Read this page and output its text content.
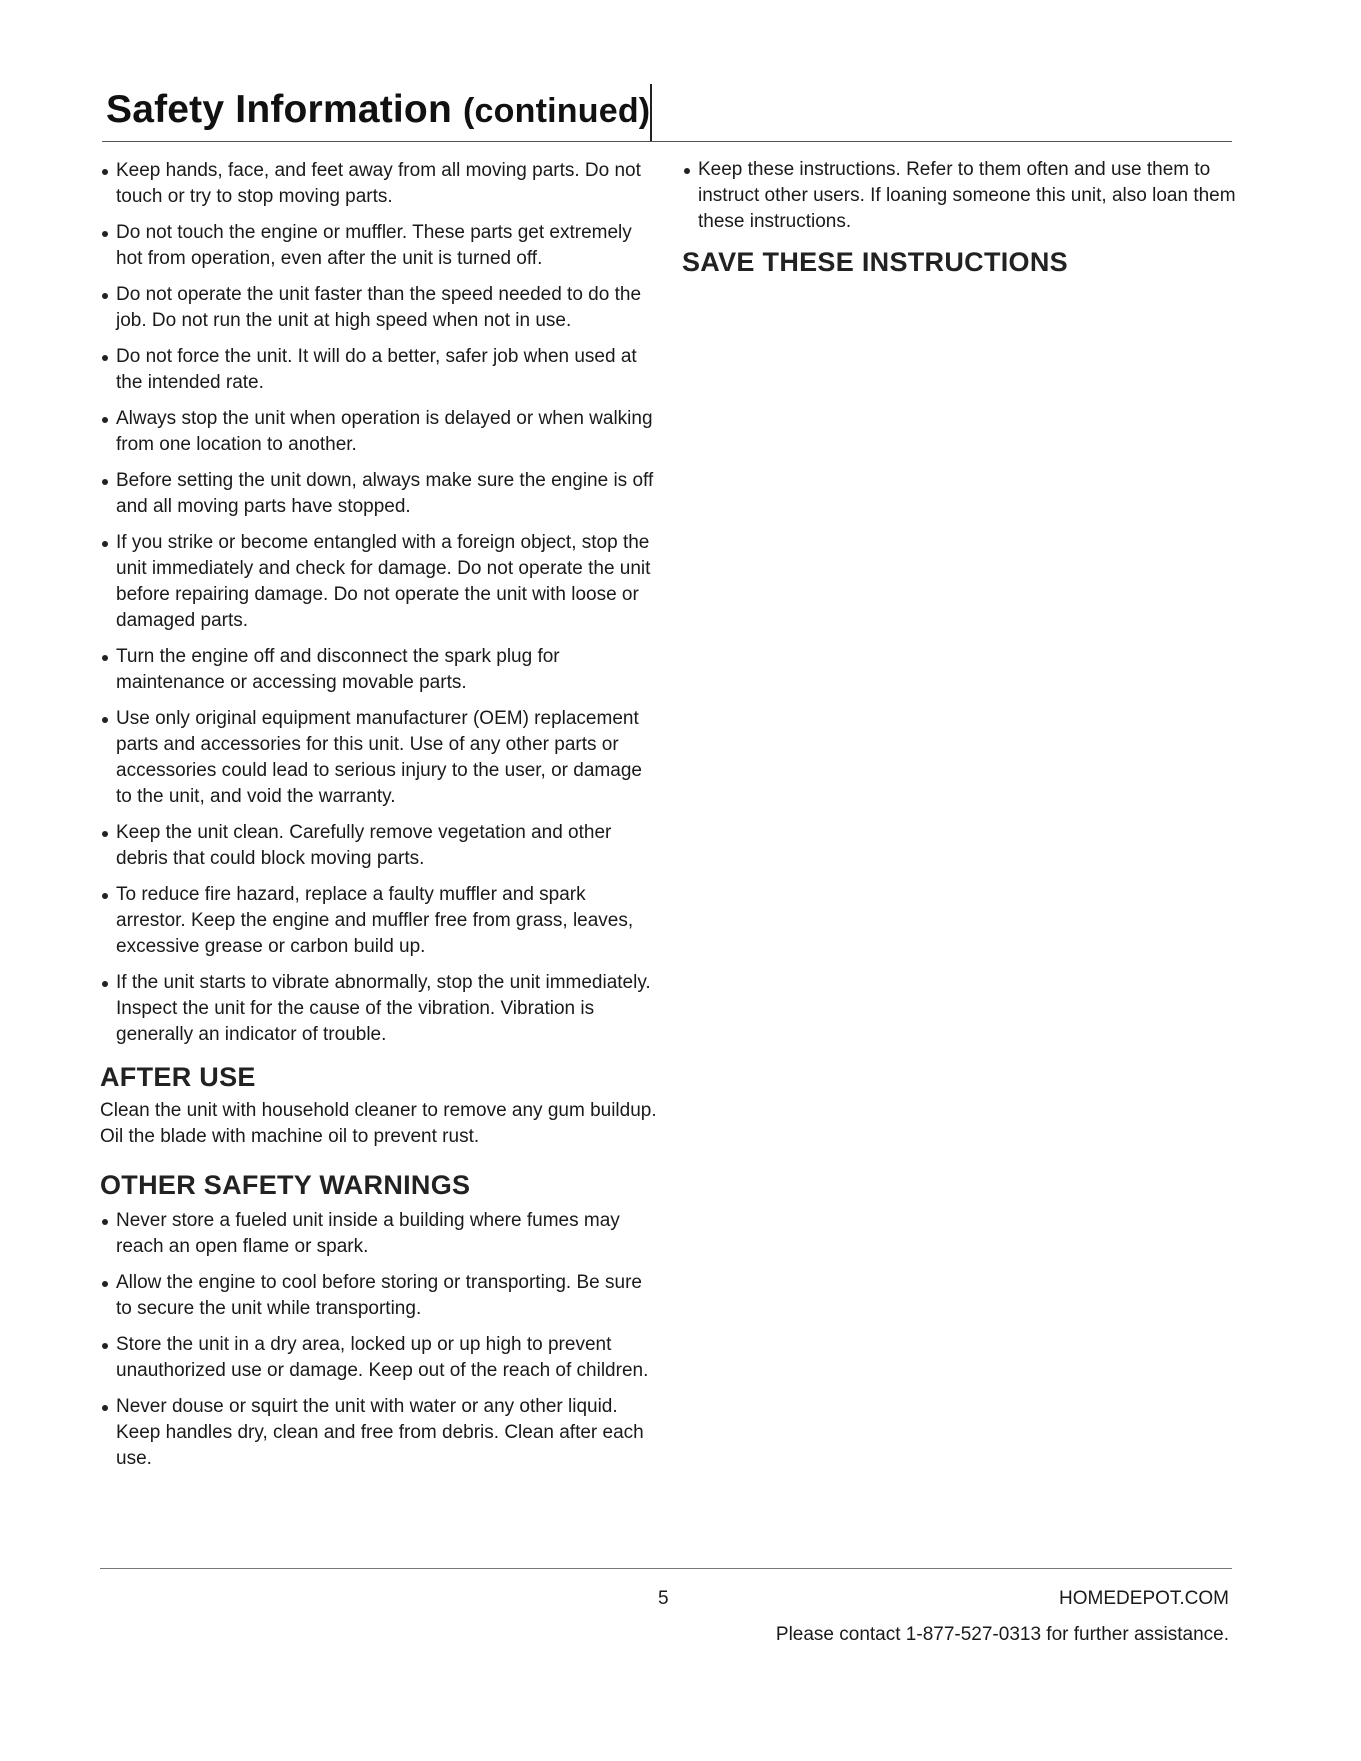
Safety Information (continued)
Keep hands, face, and feet away from all moving parts. Do not touch or try to stop moving parts.
Do not touch the engine or muffler. These parts get extremely hot from operation, even after the unit is turned off.
Do not operate the unit faster than the speed needed to do the job. Do not run the unit at high speed when not in use.
Do not force the unit. It will do a better, safer job when used at the intended rate.
Always stop the unit when operation is delayed or when walking from one location to another.
Before setting the unit down, always make sure the engine is off and all moving parts have stopped.
If you strike or become entangled with a foreign object, stop the unit immediately and check for damage. Do not operate the unit before repairing damage. Do not operate the unit with loose or damaged parts.
Turn the engine off and disconnect the spark plug for maintenance or accessing movable parts.
Use only original equipment manufacturer (OEM) replacement parts and accessories for this unit. Use of any other parts or accessories could lead to serious injury to the user, or damage to the unit, and void the warranty.
Keep the unit clean. Carefully remove vegetation and other debris that could block moving parts.
To reduce fire hazard, replace a faulty muffler and spark arrestor. Keep the engine and muffler free from grass, leaves, excessive grease or carbon build up.
If the unit starts to vibrate abnormally, stop the unit immediately. Inspect the unit for the cause of the vibration. Vibration is generally an indicator of trouble.
AFTER USE

Clean the unit with household cleaner to remove any gum buildup. Oil the blade with machine oil to prevent rust.

OTHER SAFETY WARNINGS
Never store a fueled unit inside a building where fumes may reach an open flame or spark.
Allow the engine to cool before storing or transporting. Be sure to secure the unit while transporting.
Store the unit in a dry area, locked up or up high to prevent unauthorized use or damage. Keep out of the reach of children.
Never douse or squirt the unit with water or any other liquid. Keep handles dry, clean and free from debris. Clean after each use.
Keep these instructions. Refer to them often and use them to instruct other users. If loaning someone this unit, also loan them these instructions.
SAVE THESE INSTRUCTIONS
5	HOMEDEPOT.COM
Please contact 1-877-527-0313 for further assistance.
